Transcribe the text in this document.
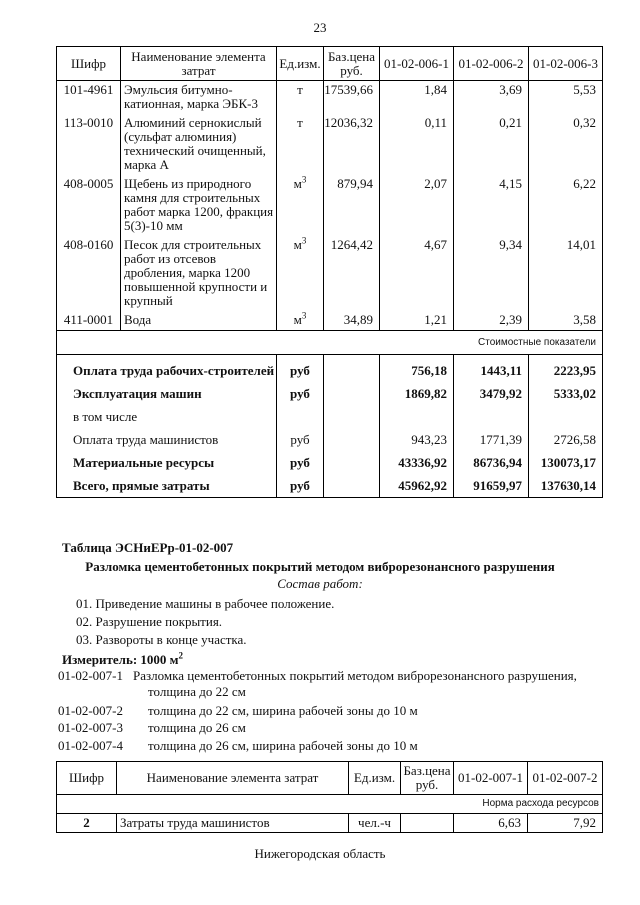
23
Шифр	Наименование элемента затрат	Ед.изм.	Баз.цена руб.	01-02-006-1	01-02-006-2	01-02-006-3
101-4961	Эмульсия битумно-катионная, марка ЭБК-3	т	17539,66	1,84	3,69	5,53
113-0010	Алюминий сернокислый (сульфат алюминия) технический очищенный, марка А	т	12036,32	0,11	0,21	0,32
408-0005	Щебень из природного камня для строительных работ марка 1200, фракция 5(3)-10 мм	$м^3$	879,94	2,07	4,15	6,22
408-0160	Песок для строительных работ из отсевов дробления, марка 1200 повышенной крупности и крупный	$м^3$	1264,42	4,67	9,34	14,01
411-0001	Вода	$м^3$	34,89	1,21	2,39	3,58
Стоимостные показатели						
Оплата труда рабочих-строителей		руб		756,18	1443,11	2223,95
Эксплуатация машин		руб		1869,82	3479,92	5333,02
в том числе						
Оплата труда машинистов		руб		943,23	1771,39	2726,58
Материальные ресурсы		руб		43336,92	86736,94	130073,17
Всего, прямые затраты		руб		45962,92	91659,97	137630,14
Таблица ЭСНиЕРр-01-02-007
Разломка цементобетонных покрытий методом виброрезонансного разрушения
Состав работ:
01. Приведение машины в рабочее положение.
02. Разрушение покрытия.
03. Развороты в конце участка.
Измеритель: 1000 $м^2$
01-02-007-1 Разломка цементобетонных покрытий методом виброрезонансного разрушения,
толщина до 22 см
01-02-007-2 толщина до 22 см, ширина рабочей зоны до 10 м
01-02-007-3 толщина до 26 см
01-02-007-4 толщина до 26 см, ширина рабочей зоны до 10 м
Шифр	Наименование элемента затрат	Ед.изм.	Баз.цена руб.	01-02-007-1	01-02-007-2
Норма расхода ресурсов					
2	Затраты труда машинистов	чел.-ч		6,63	7,92
Нижегородская область
